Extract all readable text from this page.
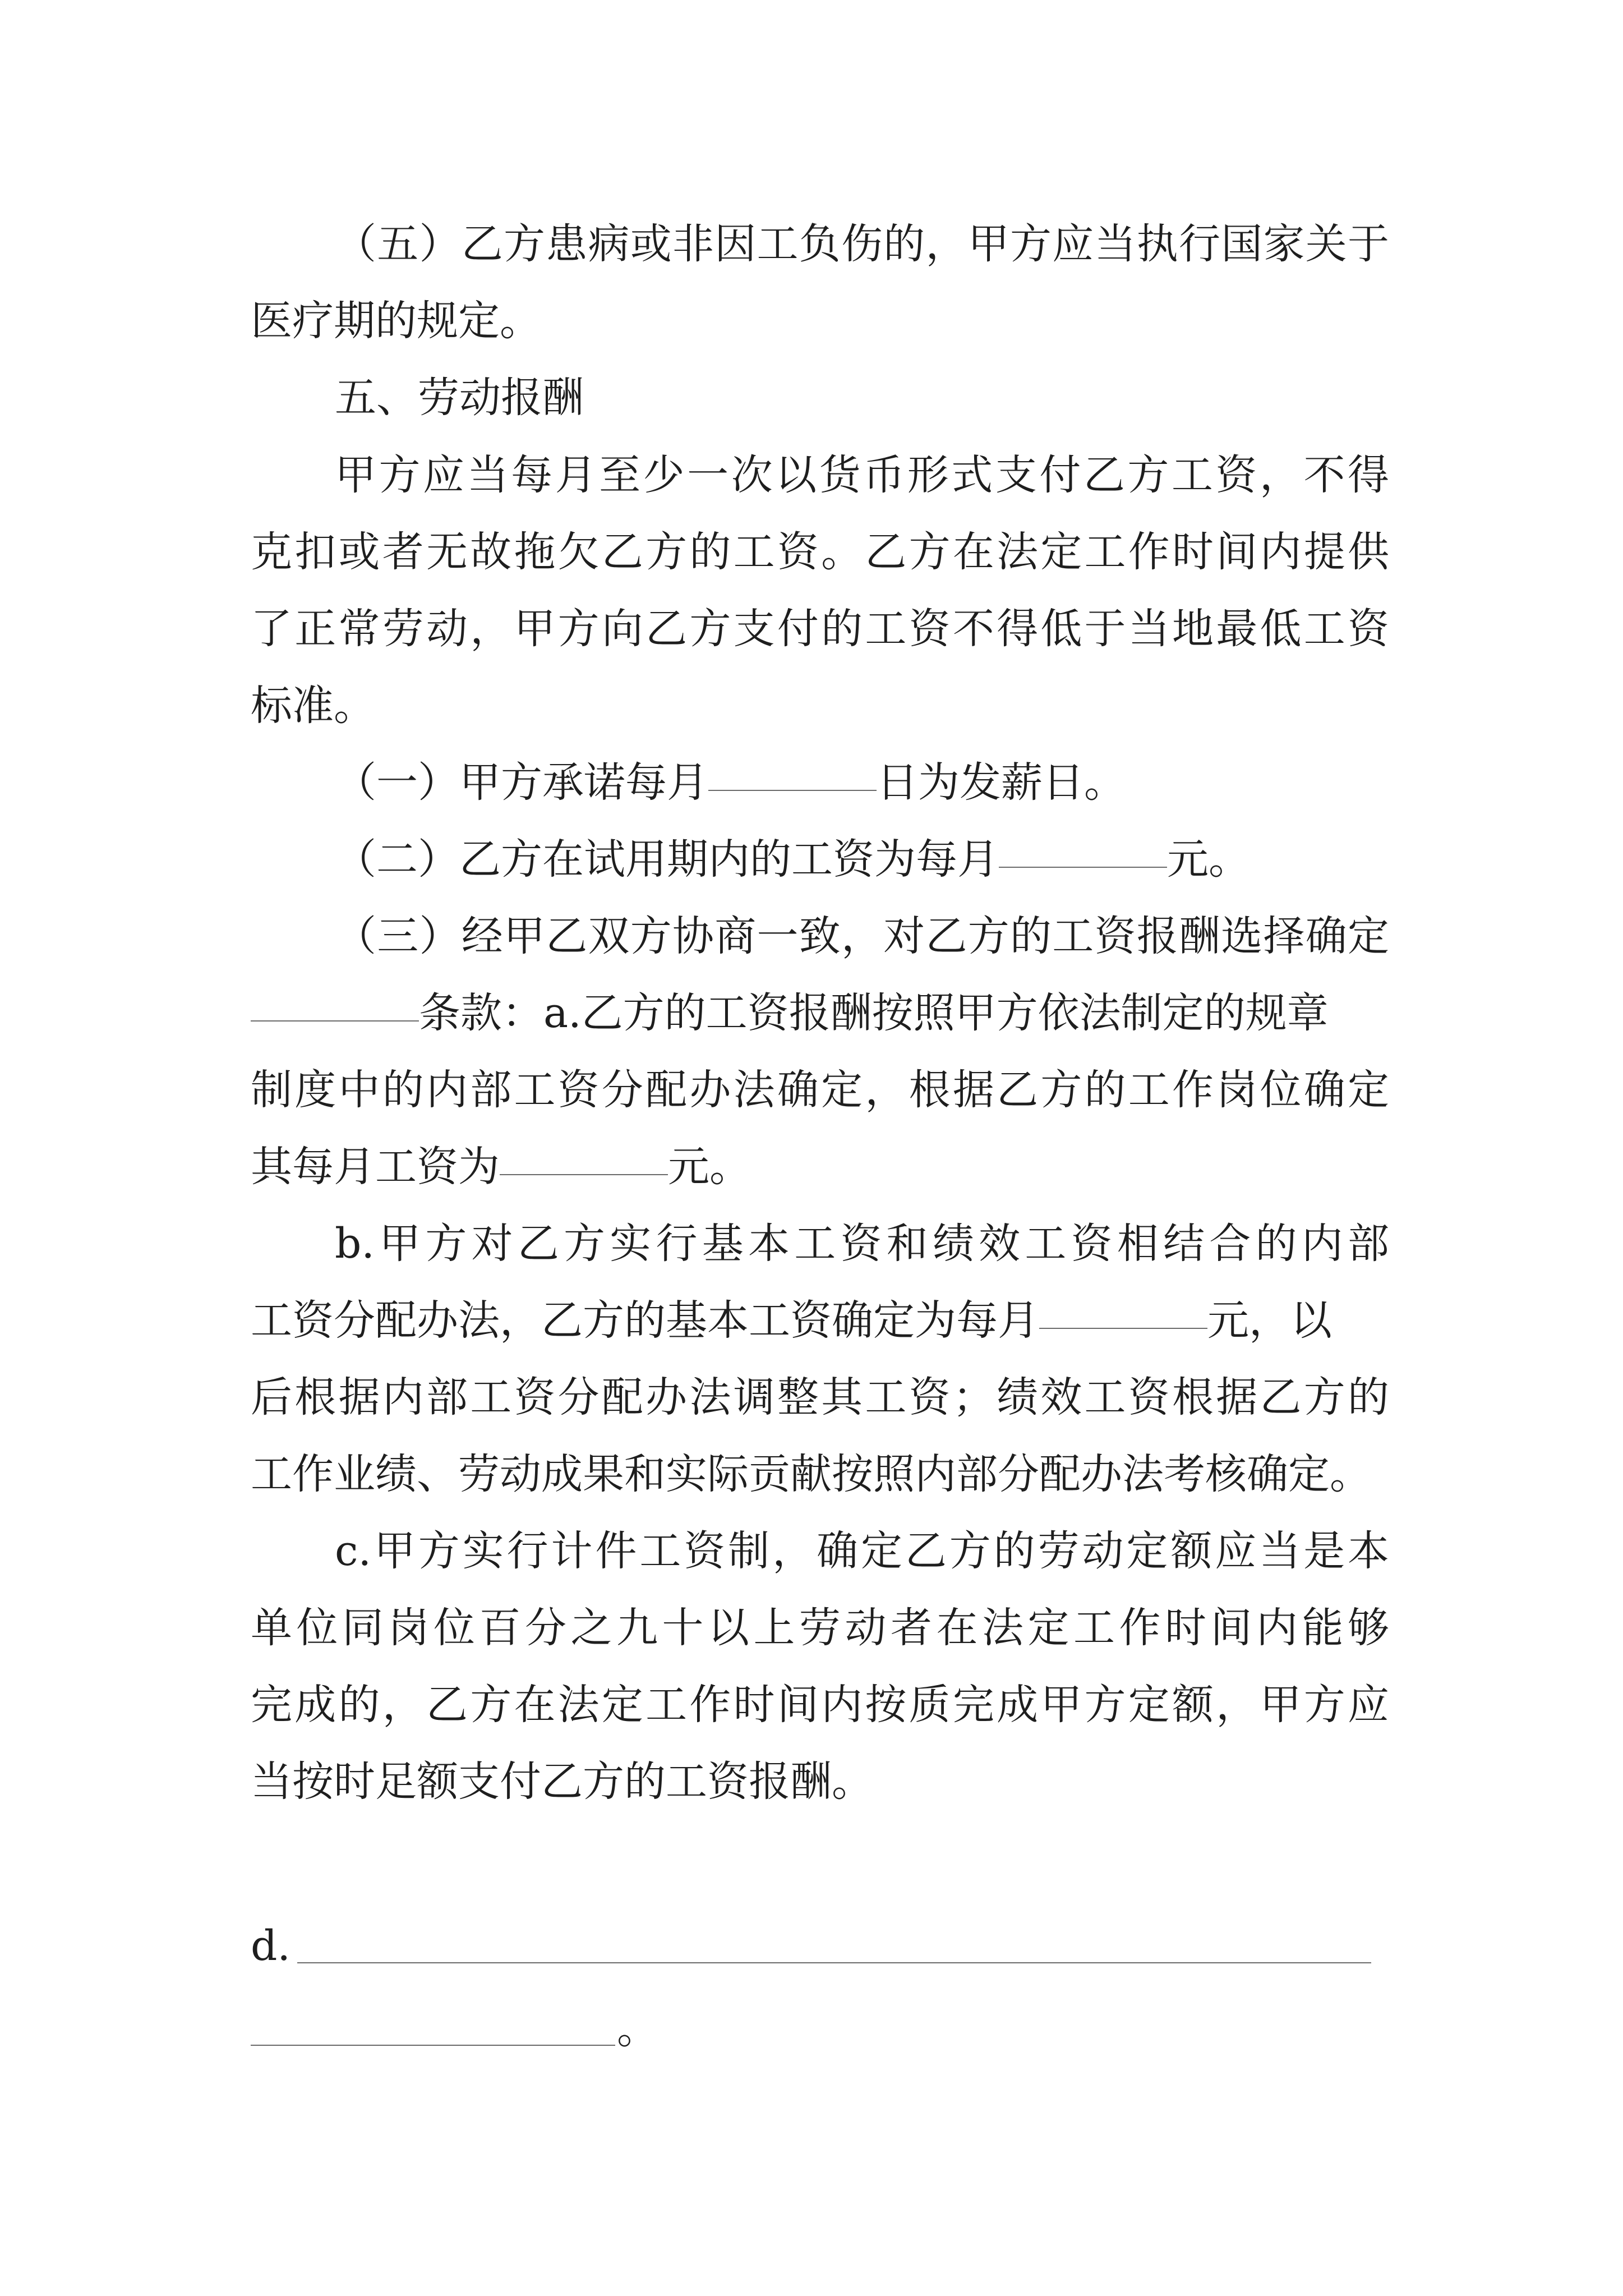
（五）乙方患病或非因工负伤的，甲方应当执行国家关于
医疗期的规定。
五、劳动报酬
甲方应当每月至少一次以货币形式支付乙方工资，不得
克扣或者无故拖欠乙方的工资。乙方在法定工作时间内提供
了正常劳动，甲方向乙方支付的工资不得低于当地最低工资
标准。
（一）甲方承诺每月	日为发薪日。
（二）乙方在试用期内的工资为每月	元。
（三）经甲乙双方协商一致，对乙方的工资报酬选择确定
条款：a.乙方的工资报酬按照甲方依法制定的规章
制度中的内部工资分配办法确定，根据乙方的工作岗位确定
其每月工资为	元。
b.甲方对乙方实行基本工资和绩效工资相结合的内部
工资分配办法，乙方的基本工资确定为每月	元，以
后根据内部工资分配办法调整其工资；绩效工资根据乙方的
工作业绩、劳动成果和实际贡献按照内部分配办法考核确定。
c.甲方实行计件工资制，确定乙方的劳动定额应当是本
单位同岗位百分之九十以上劳动者在法定工作时间内能够
完成的，乙方在法定工作时间内按质完成甲方定额，甲方应
当按时足额支付乙方的工资报酬。
d.
。
